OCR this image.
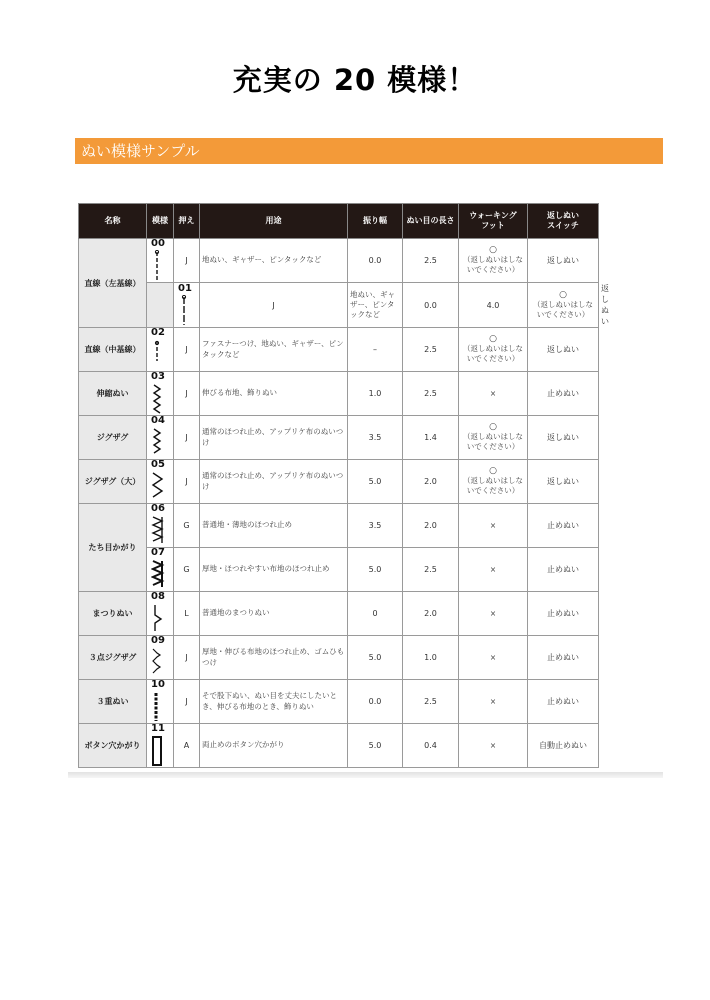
充実の 20 模様！
ぬい模様サンプル
名称	模様	押え	用途	振り幅	ぬい目の長さ	ウォーキング
フット	返しぬい
スイッチ	
直線（左基線）	00	J	地ぬい、ギャザー、ピンタックなど	0.0	2.5	○
（返しぬいはしないでください）	返しぬい	

		01	J	地ぬい、ギャザー、ピンタックなど	0.0	4.0	○
（返しぬいはしないでください）	返しぬい
直線（中基線）	02	J	ファスナーつけ、地ぬい、ギャザー、ピンタックなど	–	2.5	○
（返しぬいはしないでください）	返しぬい	
伸縮ぬい	03	J	伸びる布地、飾りぬい	1.0	2.5	×	止めぬい	
ジグザグ	04	J	通常のほつれ止め、アップリケ布のぬいつけ	3.5	1.4	○
（返しぬいはしないでください）	返しぬい	
ジグザグ（大）	05	J	通常のほつれ止め、アップリケ布のぬいつけ	5.0	2.0	○
（返しぬいはしないでください）	返しぬい	
たち目かがり	06	G	普通地・薄地のほつれ止め	3.5	2.0	×	止めぬい	

	07	G	厚地・ほつれやすい布地のほつれ止め	5.0	2.5	×	止めぬい	
まつりぬい	08	L	普通地のまつりぬい	0	2.0	×	止めぬい	
３点ジグザグ	09	J	厚地・伸びる布地のほつれ止め、ゴムひもつけ	5.0	1.0	×	止めぬい	
３重ぬい	10	J	そで股下ぬい、ぬい目を丈夫にしたいとき、伸びる布地のとき、飾りぬい	0.0	2.5	×	止めぬい	
ボタン穴かがり	11	A	両止めのボタン穴かがり	5.0	0.4	×	自動止めぬい	
